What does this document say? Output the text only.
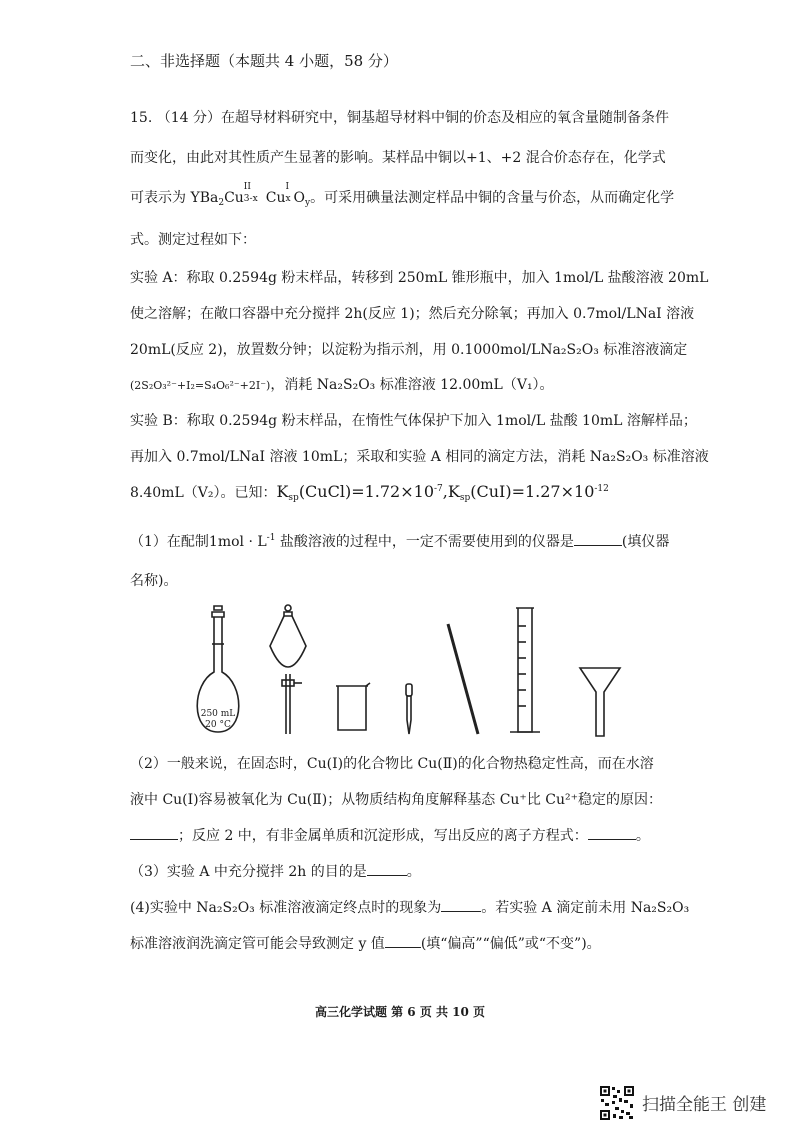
二、非选择题（本题共 4 小题，58 分）
15. （14 分）在超导材料研究中，铜基超导材料中铜的价态及相应的氧含量随制备条件
而变化，由此对其性质产生显著的影响。某样品中铜以+1、+2 混合价态存在，化学式
可表示为 YBa$_2$Cu
II
3-x Cu
I
x $O_y$。可采用碘量法测定样品中铜的含量与价态，从而确定化学
式。测定过程如下：
实验 A：称取 0.2594g 粉末样品，转移到 250mL 锥形瓶中，加入 1mol/L 盐酸溶液 20mL
使之溶解；在敞口容器中充分搅拌 2h(反应 1)；然后充分除氧；再加入 0.7mol/LNaI 溶液
20mL(反应 2)，放置数分钟；以淀粉为指示剂，用 0.1000mol/LNa₂S₂O₃ 标准溶液滴定
(2S₂O₃²⁻+I₂=S₄O₆²⁻+2I⁻)，消耗 Na₂S₂O₃ 标准溶液 12.00mL（V₁）。
实验 B：称取 0.2594g 粉末样品，在惰性气体保护下加入 1mol/L 盐酸 10mL 溶解样品；
再加入 0.7mol/LNaI 溶液 10mL；采取和实验 A 相同的滴定方法，消耗 Na₂S₂O₃ 标准溶液
8.40mL（V₂）。已知：$K_{sp}(CuCl)=1.72\times 10^{-7},K_{sp}(CuI)=1.27\times 10^{-12}$
（1）在配制$1mol \cdot L^{-1}$ 盐酸溶液的过程中，一定不需要使用到的仪器是	(填仪器
名称)。
250 mL
20 °C
（2）一般来说，在固态时，Cu(Ⅰ)的化合物比 Cu(Ⅱ)的化合物热稳定性高，而在水溶
液中 Cu(Ⅰ)容易被氧化为 Cu(Ⅱ)；从物质结构角度解释基态 Cu⁺比 Cu²⁺稳定的原因：
；反应 2 中，有非金属单质和沉淀形成，写出反应的离子方程式：	。
（3）实验 A 中充分搅拌 2h 的目的是	。
(4)实验中 Na₂S₂O₃ 标准溶液滴定终点时的现象为	。若实验 A 滴定前未用 Na₂S₂O₃
标准溶液润洗滴定管可能会导致测定 y 值	(填“偏高”“偏低”或“不变”)。
高三化学试题 第 6 页 共 10 页
扫描全能王 创建
